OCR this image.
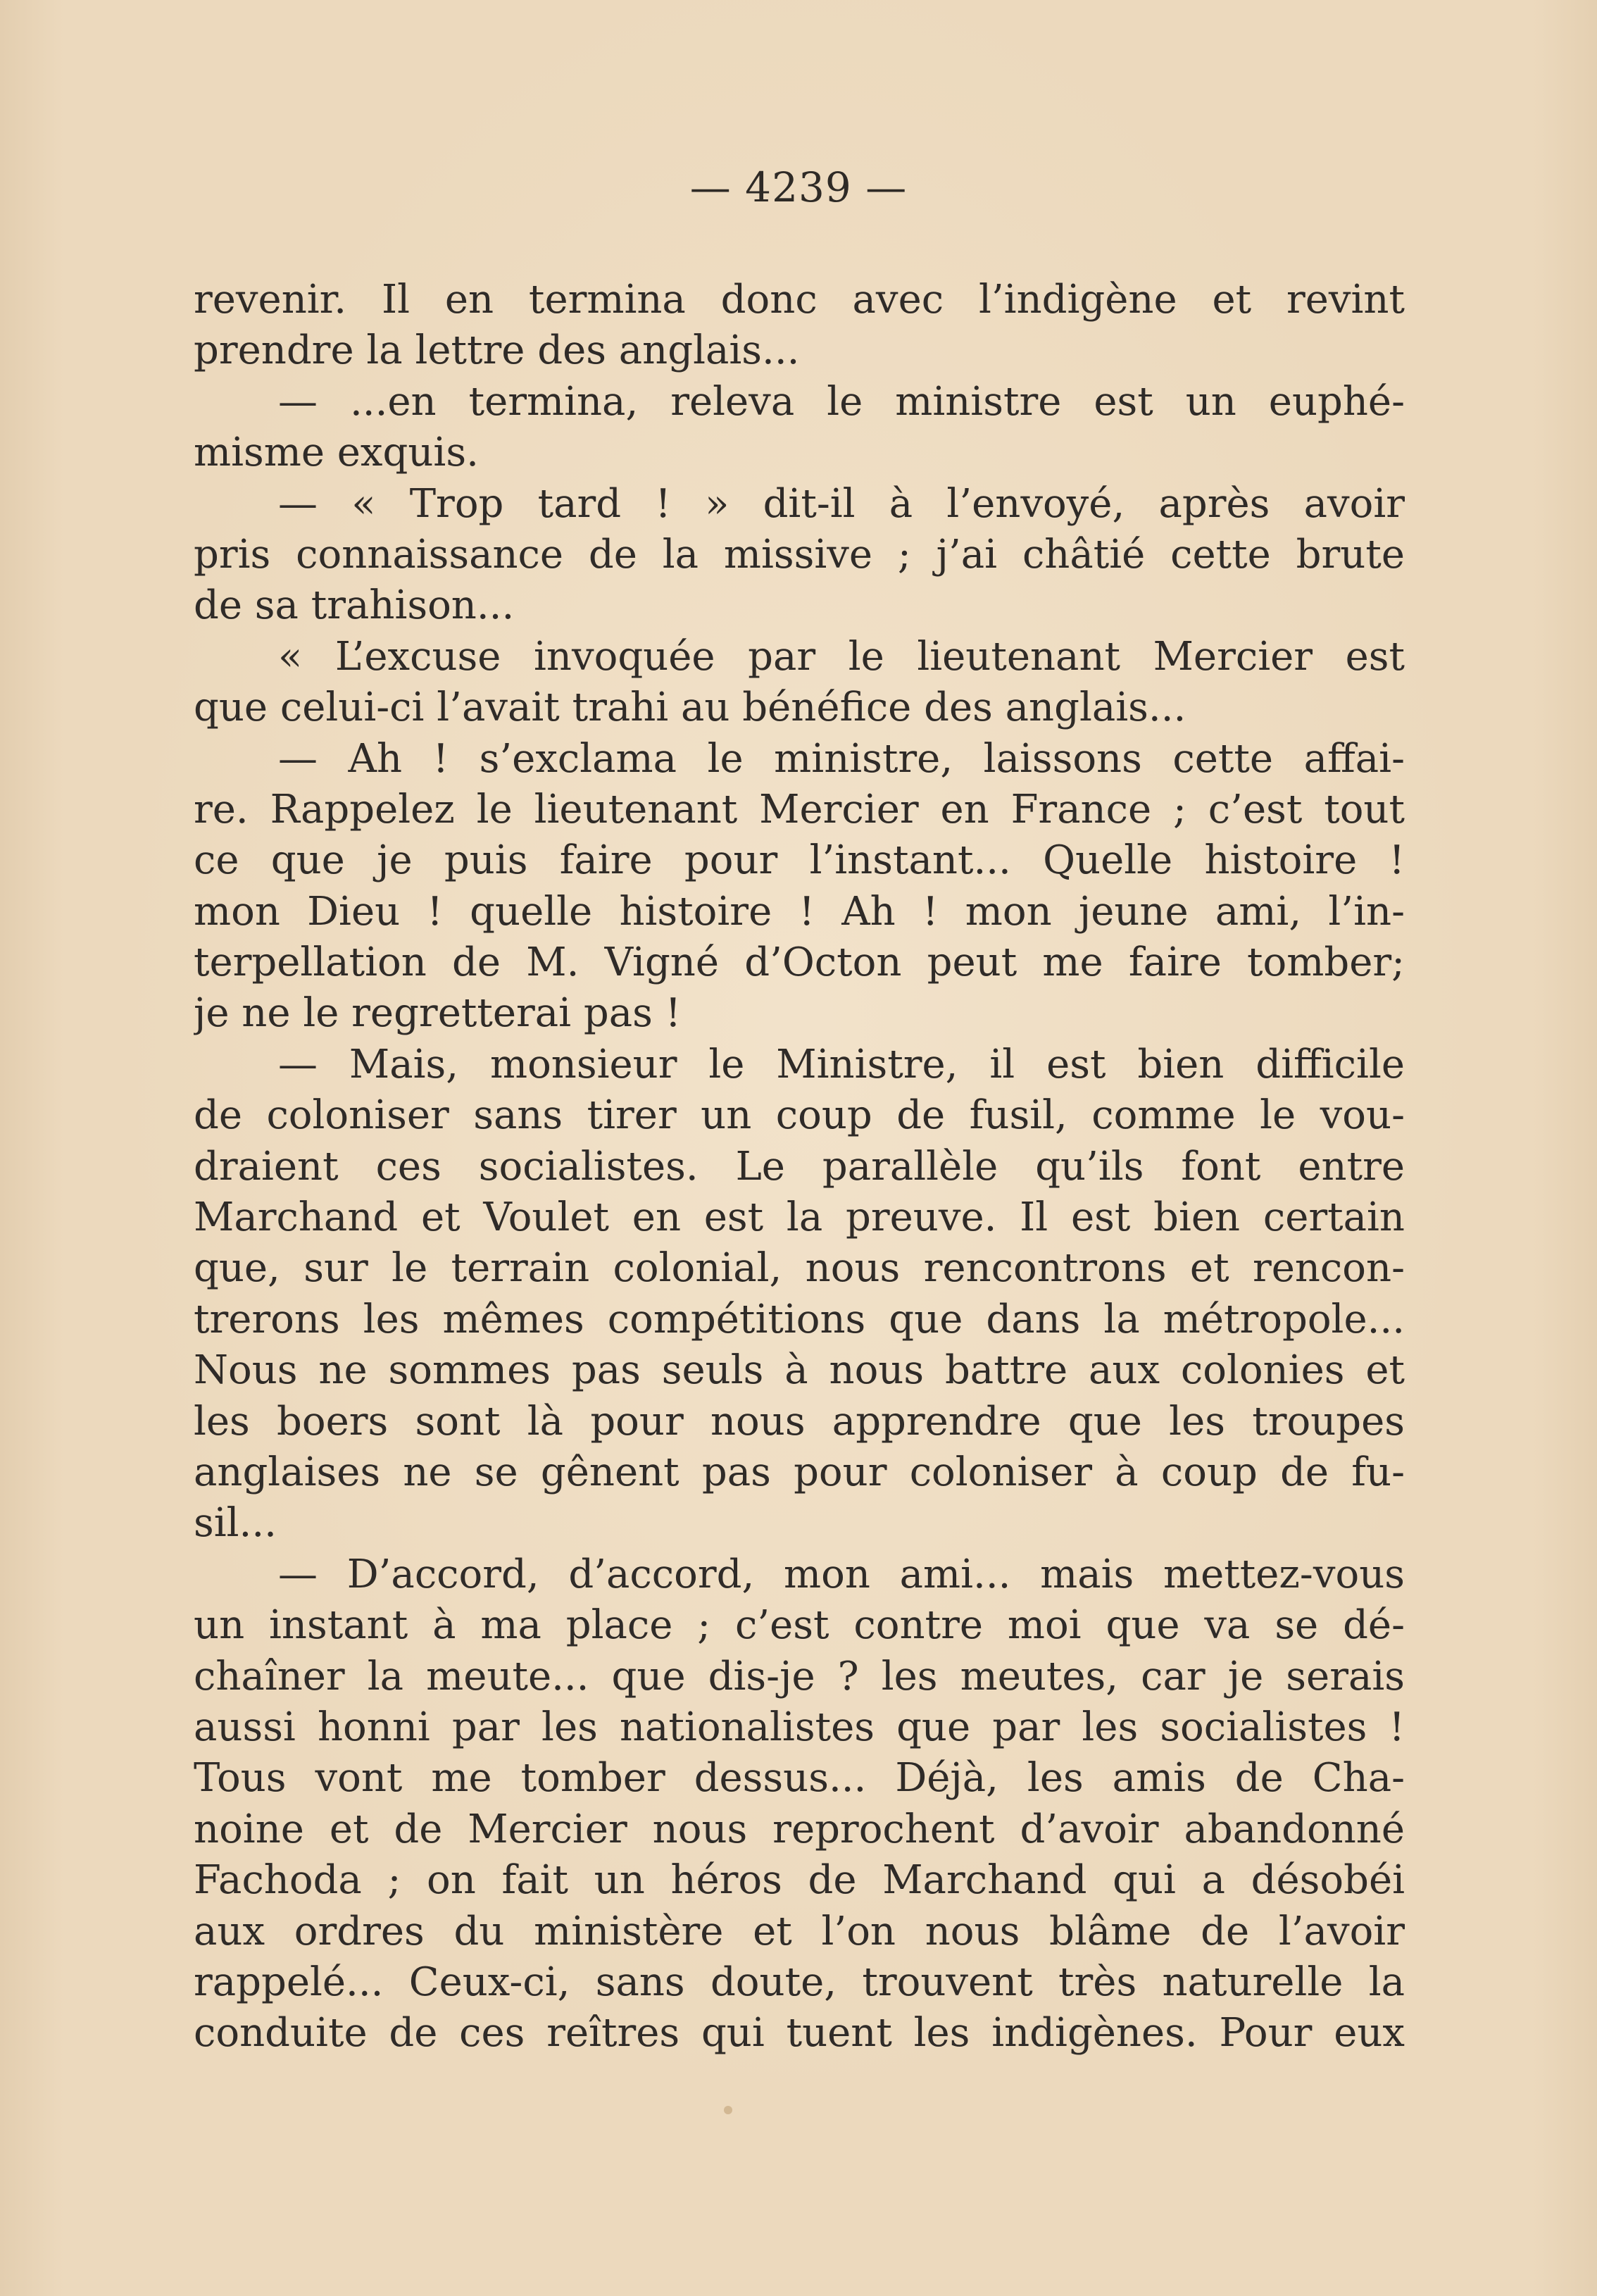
— 4239 —
revenir. Il en termina donc avec l’indigène et revint
prendre la lettre des anglais...
— ...en termina, releva le ministre est un euphé-
misme exquis.
— « Trop tard ! » dit-il à l’envoyé, après avoir
pris connaissance de la missive ; j’ai châtié cette brute
de sa trahison...
« L’excuse invoquée par le lieutenant Mercier est
que celui-ci l’avait trahi au bénéfice des anglais...
— Ah ! s’exclama le ministre, laissons cette affai-
re. Rappelez le lieutenant Mercier en France ; c’est tout
ce que je puis faire pour l’instant... Quelle histoire !
mon Dieu ! quelle histoire ! Ah ! mon jeune ami, l’in-
terpellation de M. Vigné d’Octon peut me faire tomber;
je ne le regretterai pas !
— Mais, monsieur le Ministre, il est bien difficile
de coloniser sans tirer un coup de fusil, comme le vou-
draient ces socialistes. Le parallèle qu’ils font entre
Marchand et Voulet en est la preuve. Il est bien certain
que, sur le terrain colonial, nous rencontrons et rencon-
trerons les mêmes compétitions que dans la métropole...
Nous ne sommes pas seuls à nous battre aux colonies et
les boers sont là pour nous apprendre que les troupes
anglaises ne se gênent pas pour coloniser à coup de fu-
sil...
— D’accord, d’accord, mon ami... mais mettez-vous
un instant à ma place ; c’est contre moi que va se dé-
chaîner la meute... que dis-je ? les meutes, car je serais
aussi honni par les nationalistes que par les socialistes !
Tous vont me tomber dessus... Déjà, les amis de Cha-
noine et de Mercier nous reprochent d’avoir abandonné
Fachoda ; on fait un héros de Marchand qui a désobéi
aux ordres du ministère et l’on nous blâme de l’avoir
rappelé... Ceux-ci, sans doute, trouvent très naturelle la
conduite de ces reîtres qui tuent les indigènes. Pour eux
